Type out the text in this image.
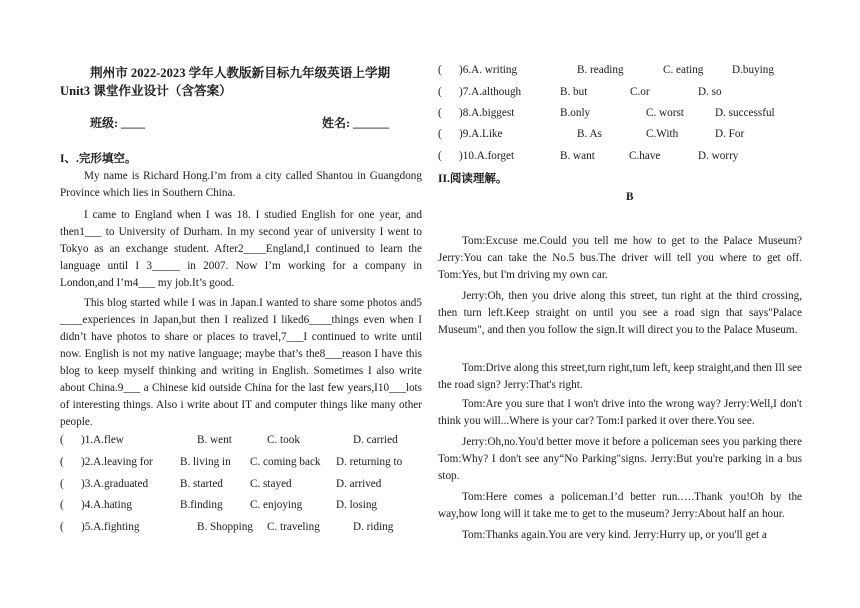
荆州市 2022-2023 学年人教版新目标九年级英语上学期
Unit3 课堂作业设计（含答案）
班级: ____	姓名: ______
I、.完形填空。

My name is Richard Hong.I’m from a city called Shantou in Guangdong Province which lies in Southern China.

I came to England when I was 18. I studied English for one year, and then1___ to University of Durham. In my second year of university I went to Tokyo as an exchange student. After2____England,I continued to learn the language until I 3_____ in 2007. Now I’m working for a company in London,and I’m4___ my job.It’s good.

This blog started while I was in Japan.I wanted to share some photos and5 ____experiences in Japan,but then I realized I liked6____things even when I didn’t have photos to share or places to travel,7___I continued to write until now. English is not my native language; maybe that’s the8___reason I have this blog to keep myself thinking and writing in English. Sometimes I also write about China.9___ a Chinese kid outside China for the last few years,I10___lots of interesting things. Also i write about IT and computer things like many other people.

( )1.A.flew	B. went	C. took	D. carried
( )2.A.leaving for B. living in C. coming back D. returning to
( )3.A.graduated	B. started C. stayed	D. arrived
( )4.A.hating	B.finding C. enjoying	D. losing
( )5.A.fighting	B. Shopping C. traveling	D. riding
( )6.A. writing	B. reading	C. eating	D.buying
( )7.A.although	B. but	C.or	D. so
( )8.A.biggest	B.only	C. worst	D. successful
( )9.A.Like	B. As	C.With	D. For
( )10.A.forget	B. want	C.have	D. worry
II.阅读理解。
B

Tom:Excuse me.Could you tell me how to get to the Palace Museum? Jerry:You can take the No.5 bus.The driver will tell you where to get off. Tom:Yes, but I'm driving my own car.

Jerry:Oh, then you drive along this street, tun right at the third crossing, then turn left.Keep straight on until you see a road sign that says"Palace Museum", and then you follow the sign.It will direct you to the Palace Museum.

Tom:Drive along this street,turn right,tum left, keep straight,and then Ill see the road sign? Jerry:That's right.

Tom:Are you sure that I won't drive into the wrong way? Jerry:Well,I don't think you will...Where is your car? Tom:I parked it over there.You see.

Jerry:Oh,no.You'd better move it before a policeman sees you parking there Tom:Why? I don't see any“No Parking"signs. Jerry:But you're parking in a bus stop.

Tom:Here comes a policeman.I’d better run.….Thank you!Oh by the way,how long will it take me to get to the museum? Jerry:About half an hour.

Tom:Thanks again.You are very kind. Jerry:Hurry up, or you'll get a
